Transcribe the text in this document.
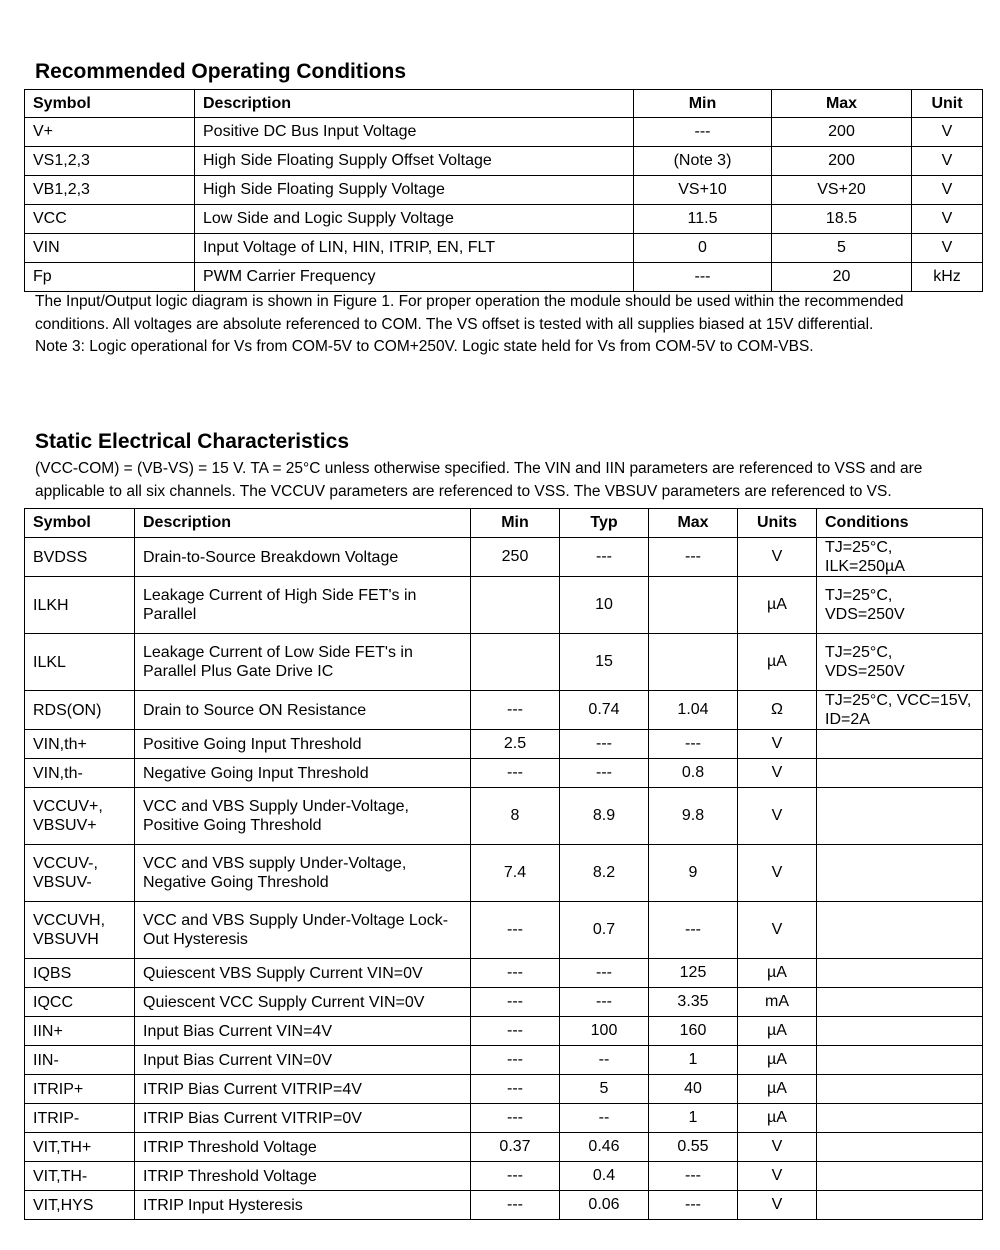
Recommended Operating Conditions
Symbol	Description	Min	Max	Unit
V+	Positive DC Bus Input Voltage	---	200	V
VS1,2,3	High Side Floating Supply Offset Voltage	(Note 3)	200	V
VB1,2,3	High Side Floating Supply Voltage	VS+10	VS+20	V
VCC	Low Side and Logic Supply Voltage	11.5	18.5	V
VIN	Input Voltage of LIN, HIN, ITRIP, EN, FLT	0	5	V
Fp	PWM Carrier Frequency	---	20	kHz

The Input/Output logic diagram is shown in Figure 1. For proper operation the module should be used within the recommended conditions. All voltages are absolute referenced to COM. The VS offset is tested with all supplies biased at 15V differential.

Note 3: Logic operational for Vs from COM-5V to COM+250V. Logic state held for Vs from COM-5V to COM-VBS.

Static Electrical Characteristics
(VCC-COM) = (VB-VS) = 15 V. TA = 25°C unless otherwise specified. The VIN and IIN parameters are referenced to VSS and are applicable to all six channels. The VCCUV parameters are referenced to VSS. The VBSUV parameters are referenced to VS.
Symbol	Description	Min	Typ	Max	Units	Conditions
BVDSS	Drain-to-Source Breakdown Voltage	250	---	---	V	TJ=25°C, ILK=250µA
ILKH	Leakage Current of High Side FET's in Parallel		10		µA	TJ=25°C, VDS=250V
ILKL	Leakage Current of Low Side FET's in Parallel Plus Gate Drive IC		15		µA	TJ=25°C, VDS=250V
RDS(ON)	Drain to Source ON Resistance	---	0.74	1.04	Ω	TJ=25°C, VCC=15V, ID=2A
VIN,th+	Positive Going Input Threshold	2.5	---	---	V	
VIN,th-	Negative Going Input Threshold	---	---	0.8	V	
VCCUV+, VBSUV+	VCC and VBS Supply Under-Voltage, Positive Going Threshold	8	8.9	9.8	V	
VCCUV-, VBSUV-	VCC and VBS supply Under-Voltage, Negative Going Threshold	7.4	8.2	9	V	
VCCUVH, VBSUVH	VCC and VBS Supply Under-Voltage Lock-Out Hysteresis	---	0.7	---	V	
IQBS	Quiescent VBS Supply Current VIN=0V	---	---	125	µA	
IQCC	Quiescent VCC Supply Current VIN=0V	---	---	3.35	mA	
IIN+	Input Bias Current VIN=4V	---	100	160	µA	
IIN-	Input Bias Current VIN=0V	---	--	1	µA	
ITRIP+	ITRIP Bias Current VITRIP=4V	---	5	40	µA	
ITRIP-	ITRIP Bias Current VITRIP=0V	---	--	1	µA	
VIT,TH+	ITRIP Threshold Voltage	0.37	0.46	0.55	V	
VIT,TH-	ITRIP Threshold Voltage	---	0.4	---	V	
VIT,HYS	ITRIP Input Hysteresis	---	0.06	---	V	
